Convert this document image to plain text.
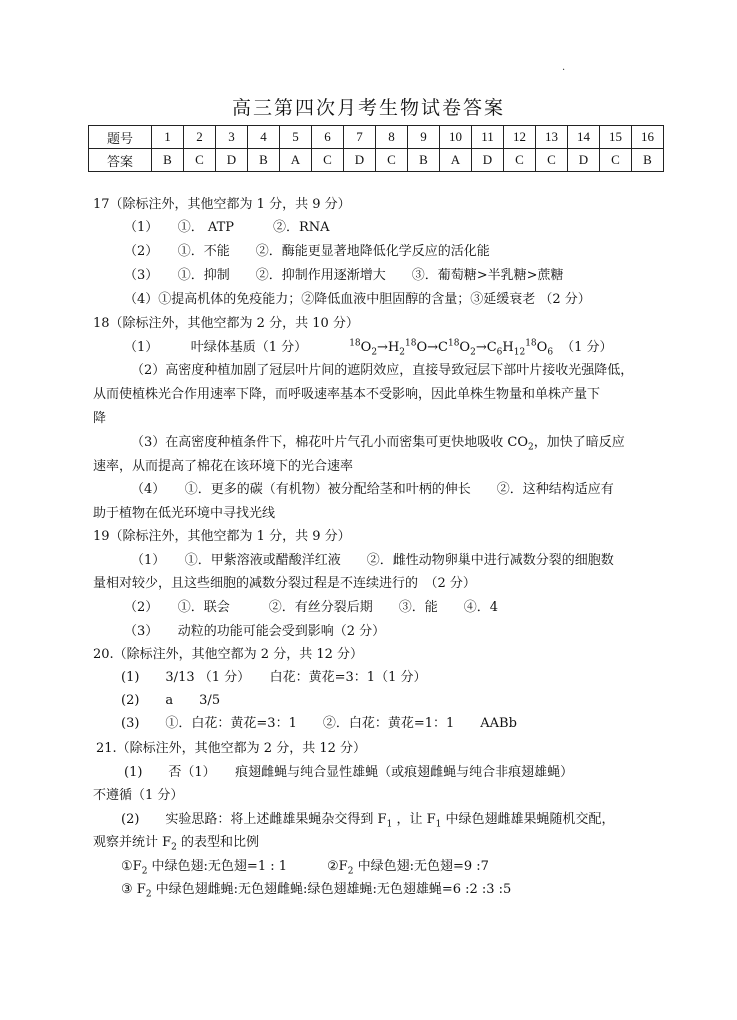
.
高三第四次月考生物试卷答案
题号	1	2	3	4	5	6	7	8	9	10	11	12	13	14	15	16
答案	B	C	D	B	A	C	D	C	B	A	D	C	C	D	C	B
17（除标注外，其他空都为 1 分，共 9 分）
（1）　　①． ATP　　　②．RNA
（2）　　①．不能　　②．酶能更显著地降低化学反应的活化能
（3）　　①．抑制　　②．抑制作用逐渐增大　　③．葡萄糖>半乳糖>蔗糖
（4）①提高机体的免疫能力；②降低血液中胆固醇的含量；③延缓衰老 （2 分）
18（除标注外，其他空都为 2 分，共 10 分）
（1）　　　叶绿体基质（1 分）	$^{18}O_2\to H_2^{18}O\to C^{18}O_2\to C_6H_{12}^{18}O_6$ （1 分）
（2）高密度种植加剧了冠层叶片间的遮阴效应，直接导致冠层下部叶片接收光强降低，
从而使植株光合作用速率下降，而呼吸速率基本不受影响，因此单株生物量和单株产量下
降
（3）在高密度种植条件下，棉花叶片气孔小而密集可更快地吸收 $CO_2$，加快了暗反应
速率，从而提高了棉花在该环境下的光合速率
（4）　　①．更多的碳（有机物）被分配给茎和叶柄的伸长　　②．这种结构适应有
助于植物在低光环境中寻找光线
19（除标注外，其他空都为 1 分，共 9 分）
（1）　　①．甲紫溶液或醋酸洋红液　　②．雌性动物卵巢中进行减数分裂的细胞数
量相对较少，且这些细胞的减数分裂过程是不连续进行的　（2 分）
（2）　　①．联会　　　②．有丝分裂后期　　③．能　　④．4
（3）　　动粒的功能可能会受到影响（2 分）
20.（除标注外，其他空都为 2 分，共 12 分）
(1)　　3/13 （1 分）　　白花：黄花=3：1（1 分）
(2)　　a　　3/5
(3)　　①．白花：黄花=3：1　　②．白花：黄花=1：1　　AABb
21.（除标注外，其他空都为 2 分，共 12 分）
(1)　　否（1）　　痕翅雌蝇与纯合显性雄蝇（或痕翅雌蝇与纯合非痕翅雄蝇）
不遵循（1 分）
(2)　　实验思路：将上述雌雄果蝇杂交得到 $F_1$ ，让 $F_1$ 中绿色翅雌雄果蝇随机交配，
观察并统计 $F_2$ 的表型和比例
$①F_2$ 中绿色翅:无色翅=1 : 1	$②F_2$ 中绿色翅:无色翅=9 :7
③ $F_2$ 中绿色翅雌蝇:无色翅雌蝇:绿色翅雄蝇:无色翅雄蝇=6 :2 :3 :5
